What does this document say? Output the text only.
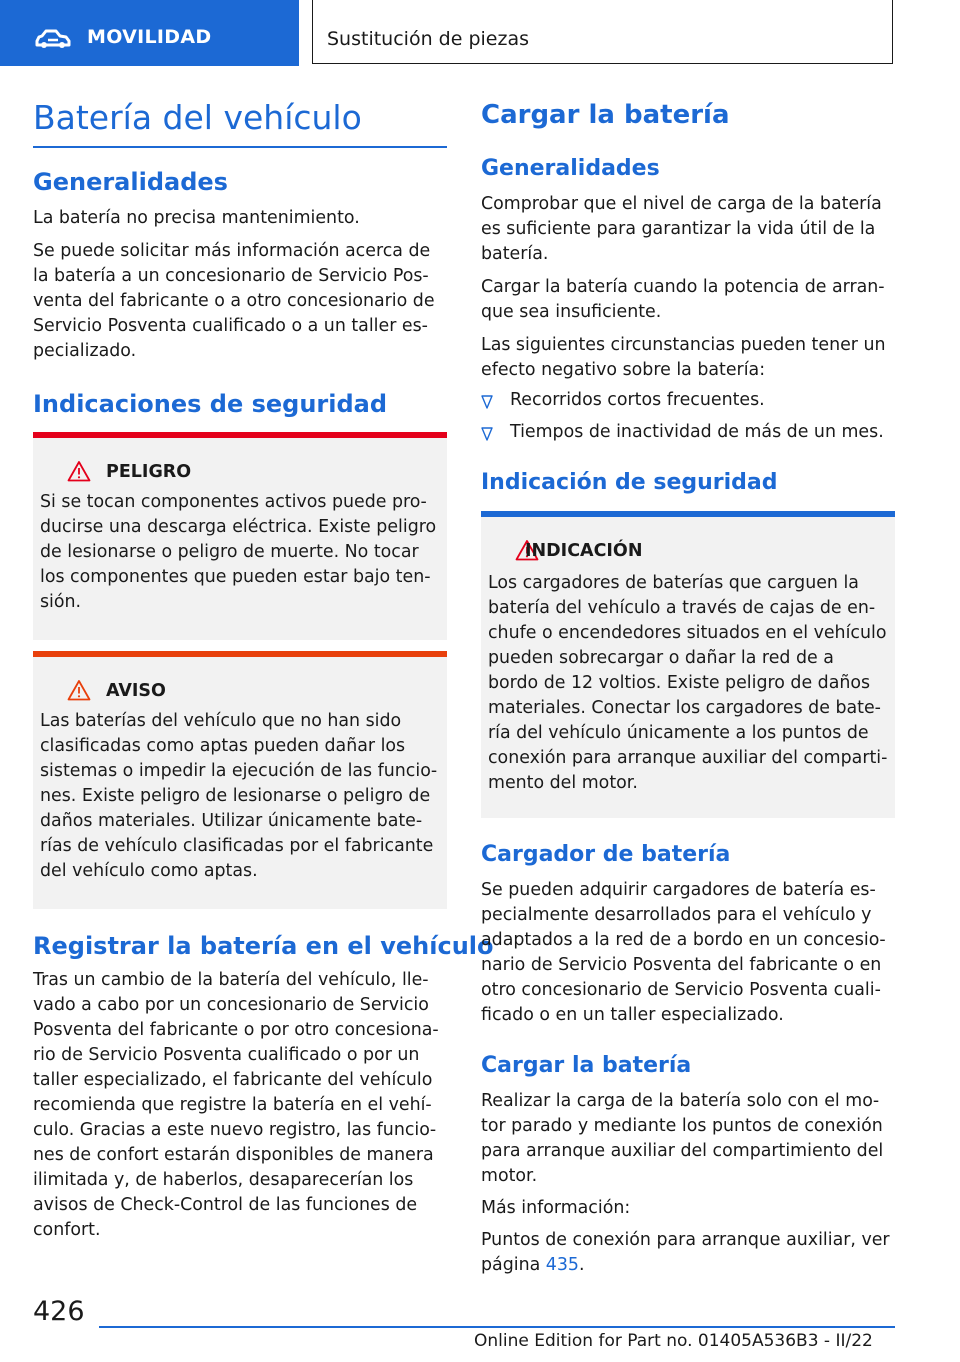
MOVILIDAD	Sustitución de piezas
Batería del vehículo
Generalidades

La batería no precisa mantenimiento.

Se puede solicitar más información acerca de
la batería a un concesionario de Servicio Pos‐
venta del fabricante o a otro concesionario de
Servicio Posventa cualificado o a un taller es‐
pecializado.

Indicaciones de seguridad
PELIGRO

Si se tocan componentes activos puede pro‐
ducirse una descarga eléctrica. Existe peligro
de lesionarse o peligro de muerte. No tocar
los componentes que pueden estar bajo ten‐
sión.

AVISO

Las baterías del vehículo que no han sido
clasificadas como aptas pueden dañar los
sistemas o impedir la ejecución de las funcio‐
nes. Existe peligro de lesionarse o peligro de
daños materiales. Utilizar únicamente bate‐
rías de vehículo clasificadas por el fabricante
del vehículo como aptas.

Registrar la batería en el vehículo

Tras un cambio de la batería del vehículo, lle‐
vado a cabo por un concesionario de Servicio
Posventa del fabricante o por otro concesiona‐
rio de Servicio Posventa cualificado o por un
taller especializado, el fabricante del vehículo
recomienda que registre la batería en el vehí‐
culo. Gracias a este nuevo registro, las funcio‐
nes de confort estarán disponibles de manera
ilimitada y, de haberlos, desaparecerían los
avisos de Check-Control de las funciones de
confort.

Cargar la batería
Generalidades

Comprobar que el nivel de carga de la batería
es suficiente para garantizar la vida útil de la
batería.

Cargar la batería cuando la potencia de arran‐
que sea insuficiente.

Las siguientes circunstancias pueden tener un
efecto negativo sobre la batería:

Recorridos cortos frecuentes.
Tiempos de inactividad de más de un mes.
Indicación de seguridad
INDICACIÓN

Los cargadores de baterías que carguen la
batería del vehículo a través de cajas de en‐
chufe o encendedores situados en el vehículo
pueden sobrecargar o dañar la red de a
bordo de 12 voltios. Existe peligro de daños
materiales. Conectar los cargadores de bate‐
ría del vehículo únicamente a los puntos de
conexión para arranque auxiliar del comparti‐
mento del motor.

Cargador de batería

Se pueden adquirir cargadores de batería es‐
pecialmente desarrollados para el vehículo y
adaptados a la red de a bordo en un concesio‐
nario de Servicio Posventa del fabricante o en
otro concesionario de Servicio Posventa cuali‐
ficado o en un taller especializado.

Cargar la batería

Realizar la carga de la batería solo con el mo‐
tor parado y mediante los puntos de conexión
para arranque auxiliar del compartimiento del
motor.

Más información:

Puntos de conexión para arranque auxiliar, ver
página 435.

426
Online Edition for Part no. 01405A536B3 - II/22
